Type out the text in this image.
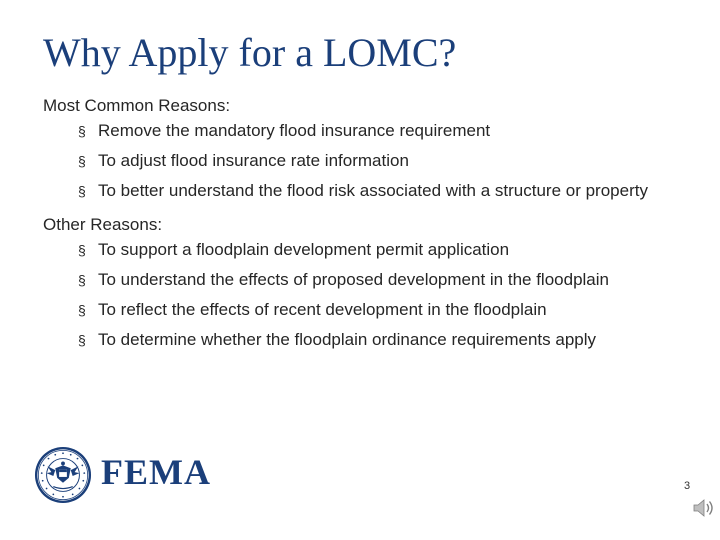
Why Apply for a LOMC?

Most Common Reasons:

§ Remove the mandatory flood insurance requirement
§ To adjust flood insurance rate information
§ To better understand the flood risk associated with a structure or property

Other Reasons:

§ To support a floodplain development permit application
§ To understand the effects of proposed development in the floodplain
§ To reflect the effects of recent development in the floodplain
§ To determine whether the floodplain ordinance requirements apply
FEMA	3
